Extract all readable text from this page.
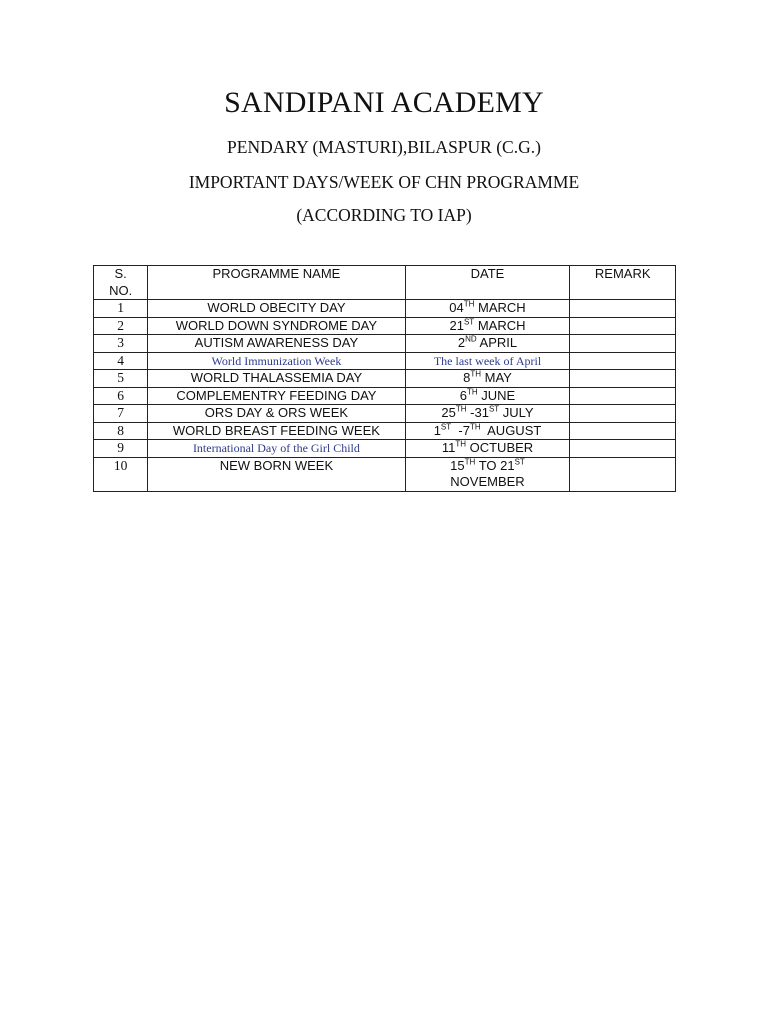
SANDIPANI ACADEMY
PENDARY (MASTURI),BILASPUR (C.G.)
IMPORTANT DAYS/WEEK OF CHN PROGRAMME
(ACCORDING TO IAP)
S.
NO.	PROGRAMME NAME	DATE	REMARK
1	WORLD OBECITY DAY	04TH MARCH	
2	WORLD DOWN SYNDROME DAY	21ST MARCH	
3	AUTISM AWARENESS DAY	2ND APRIL	
4	World Immunization Week	The last week of April	
5	WORLD THALASSEMIA DAY	8TH MAY	
6	COMPLEMENTRY FEEDING DAY	6TH JUNE	
7	ORS DAY & ORS WEEK	25TH -31ST JULY	
8	WORLD BREAST FEEDING WEEK	1ST  -7TH  AUGUST	
9	International Day of the Girl Child	11TH OCTUBER	
10	NEW BORN WEEK	15TH TO 21ST
NOVEMBER	
